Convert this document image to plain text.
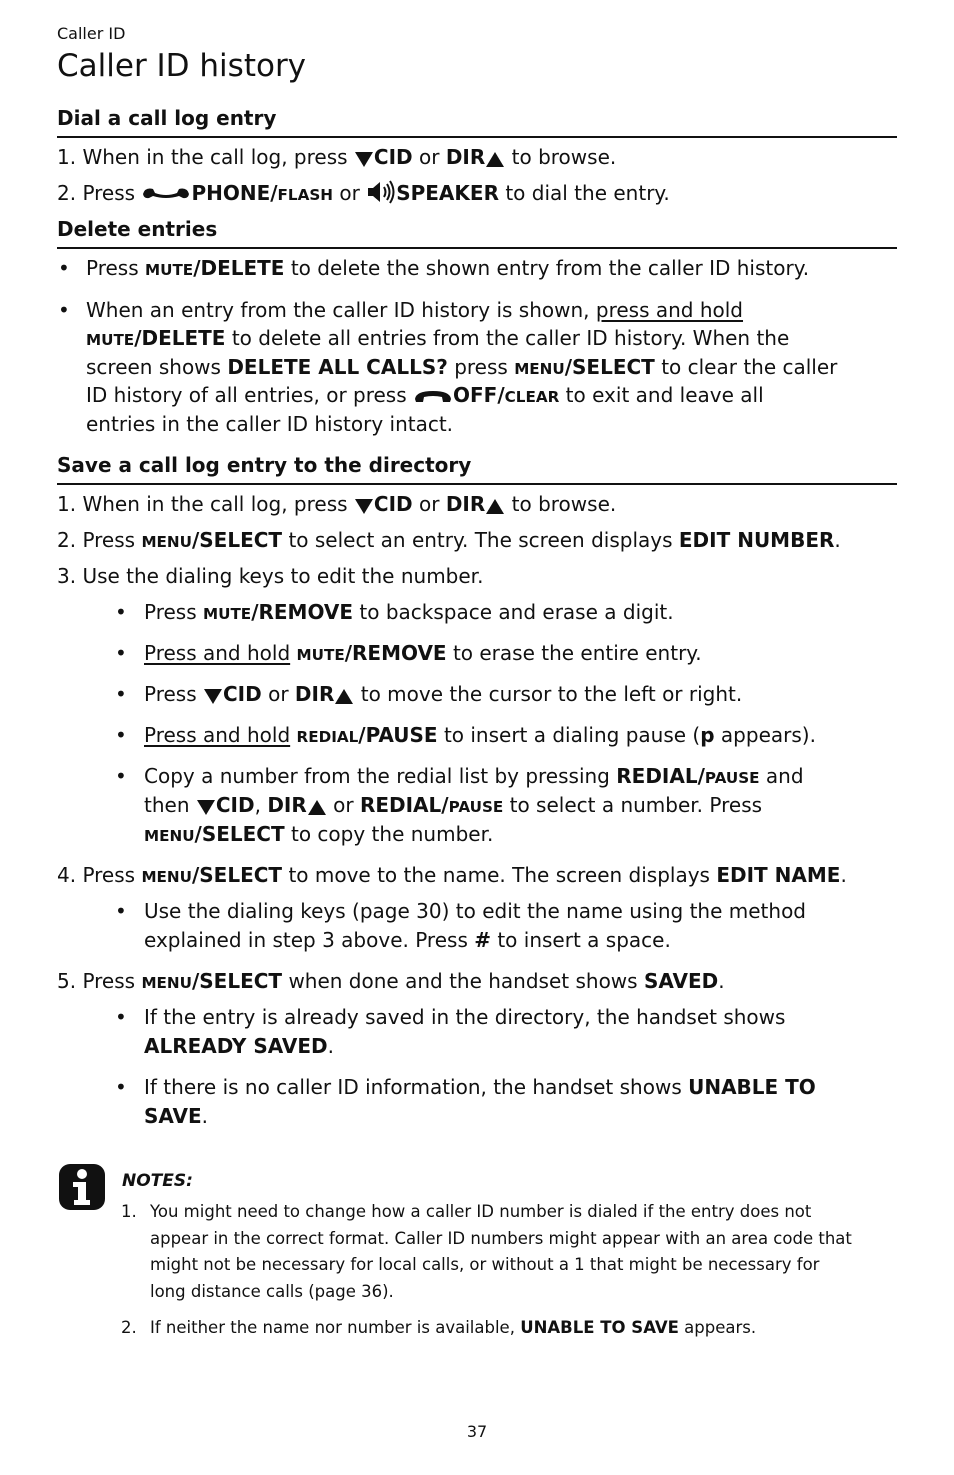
Caller ID
Caller ID history
Dial a call log entry
1. When in the call log, press CID or DIR to browse.
2. Press	PHONE/FLASH or SPEAKER to dial the entry.
Delete entries
• Press MUTE/DELETE to delete the shown entry from the caller ID history.
• When an entry from the caller ID history is shown, press and hold
MUTE/DELETE to delete all entries from the caller ID history. When the
screen shows DELETE ALL CALLS? press MENU/SELECT to clear the caller
ID history of all entries, or press OFF/CLEAR to exit and leave all
entries in the caller ID history intact.
Save a call log entry to the directory
1. When in the call log, press CID or DIR to browse.
2. Press MENU/SELECT to select an entry. The screen displays EDIT NUMBER.
3. Use the dialing keys to edit the number.
• Press MUTE/REMOVE to backspace and erase a digit.
• Press and hold MUTE/REMOVE to erase the entire entry.
• Press CID or DIR to move the cursor to the left or right.
• Press and hold REDIAL/PAUSE to insert a dialing pause (p appears).
• Copy a number from the redial list by pressing REDIAL/PAUSE and
then CID, DIR or REDIAL/PAUSE to select a number. Press
MENU/SELECT to copy the number.
4. Press MENU/SELECT to move to the name. The screen displays EDIT NAME.
• Use the dialing keys (page 30) to edit the name using the method
explained in step 3 above. Press # to insert a space.
5. Press MENU/SELECT when done and the handset shows SAVED.
• If the entry is already saved in the directory, the handset shows
ALREADY SAVED.
• If there is no caller ID information, the handset shows UNABLE TO
SAVE.
NOTES:
1. You might need to change how a caller ID number is dialed if the entry does not
appear in the correct format. Caller ID numbers might appear with an area code that
might not be necessary for local calls, or without a 1 that might be necessary for
long distance calls (page 36).
2. If neither the name nor number is available, UNABLE TO SAVE appears.
37
